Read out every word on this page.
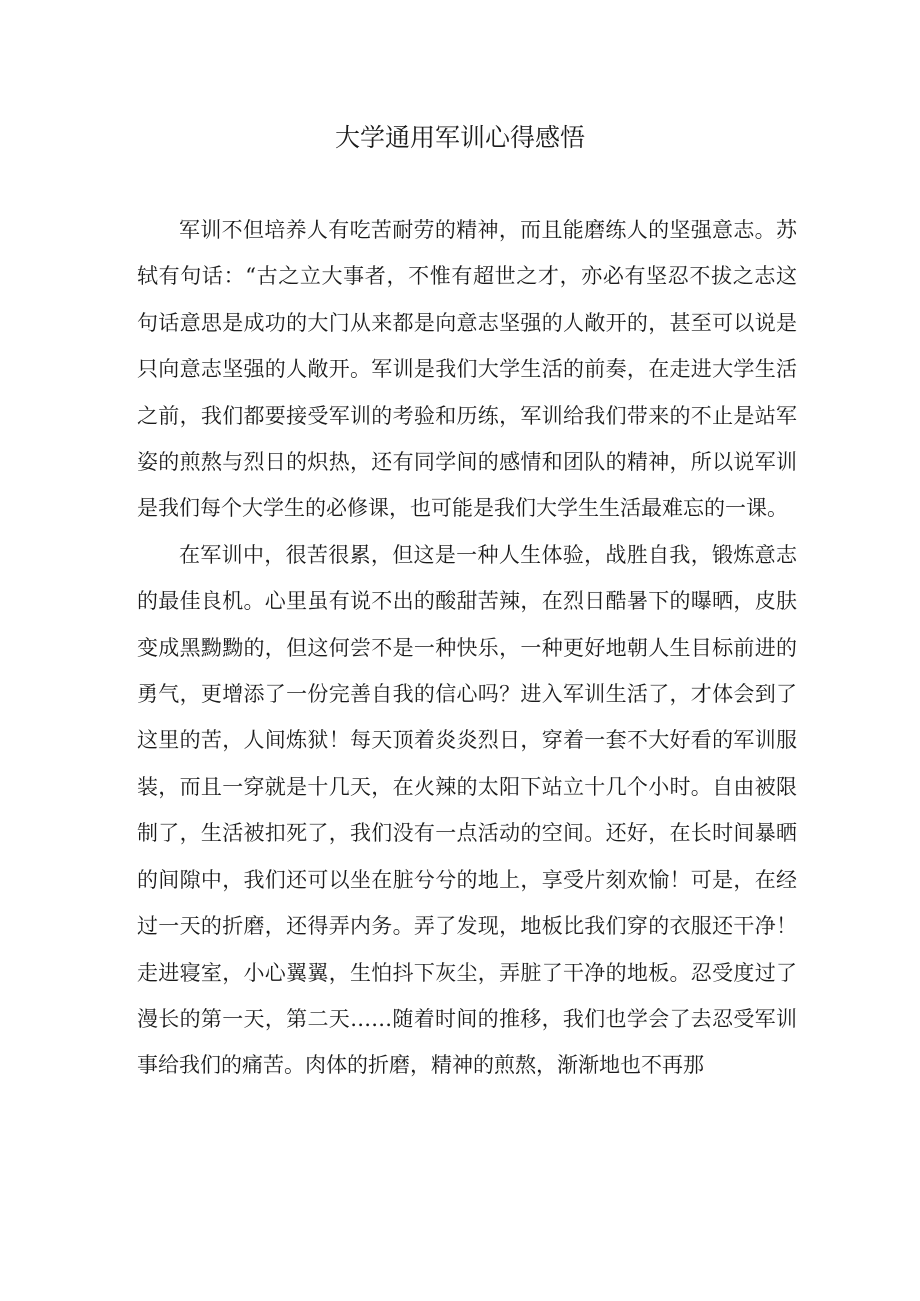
大学通用军训心得感悟

军训不但培养人有吃苦耐劳的精神，而且能磨练人的坚强意志。苏轼有句话：“古之立大事者，不惟有超世之才，亦必有坚忍不拔之志这句话意思是成功的大门从来都是向意志坚强的人敞开的，甚至可以说是只向意志坚强的人敞开。军训是我们大学生活的前奏，在走进大学生活之前，我们都要接受军训的考验和历练，军训给我们带来的不止是站军姿的煎熬与烈日的炽热，还有同学间的感情和团队的精神，所以说军训是我们每个大学生的必修课，也可能是我们大学生生活最难忘的一课。

在军训中，很苦很累，但这是一种人生体验，战胜自我，锻炼意志的最佳良机。心里虽有说不出的酸甜苦辣，在烈日酷暑下的曝晒，皮肤变成黑黝黝的，但这何尝不是一种快乐，一种更好地朝人生目标前进的勇气，更增添了一份完善自我的信心吗？进入军训生活了，才体会到了这里的苦，人间炼狱！每天顶着炎炎烈日，穿着一套不大好看的军训服装，而且一穿就是十几天，在火辣的太阳下站立十几个小时。自由被限制了，生活被扣死了，我们没有一点活动的空间。还好，在长时间暴晒的间隙中，我们还可以坐在脏兮兮的地上，享受片刻欢愉！可是，在经过一天的折磨，还得弄内务。弄了发现，地板比我们穿的衣服还干净！走进寝室，小心翼翼，生怕抖下灰尘，弄脏了干净的地板。忍受度过了漫长的第一天，第二天……随着时间的推移，我们也学会了去忍受军训事给我们的痛苦。肉体的折磨，精神的煎熬，渐渐地也不再那
